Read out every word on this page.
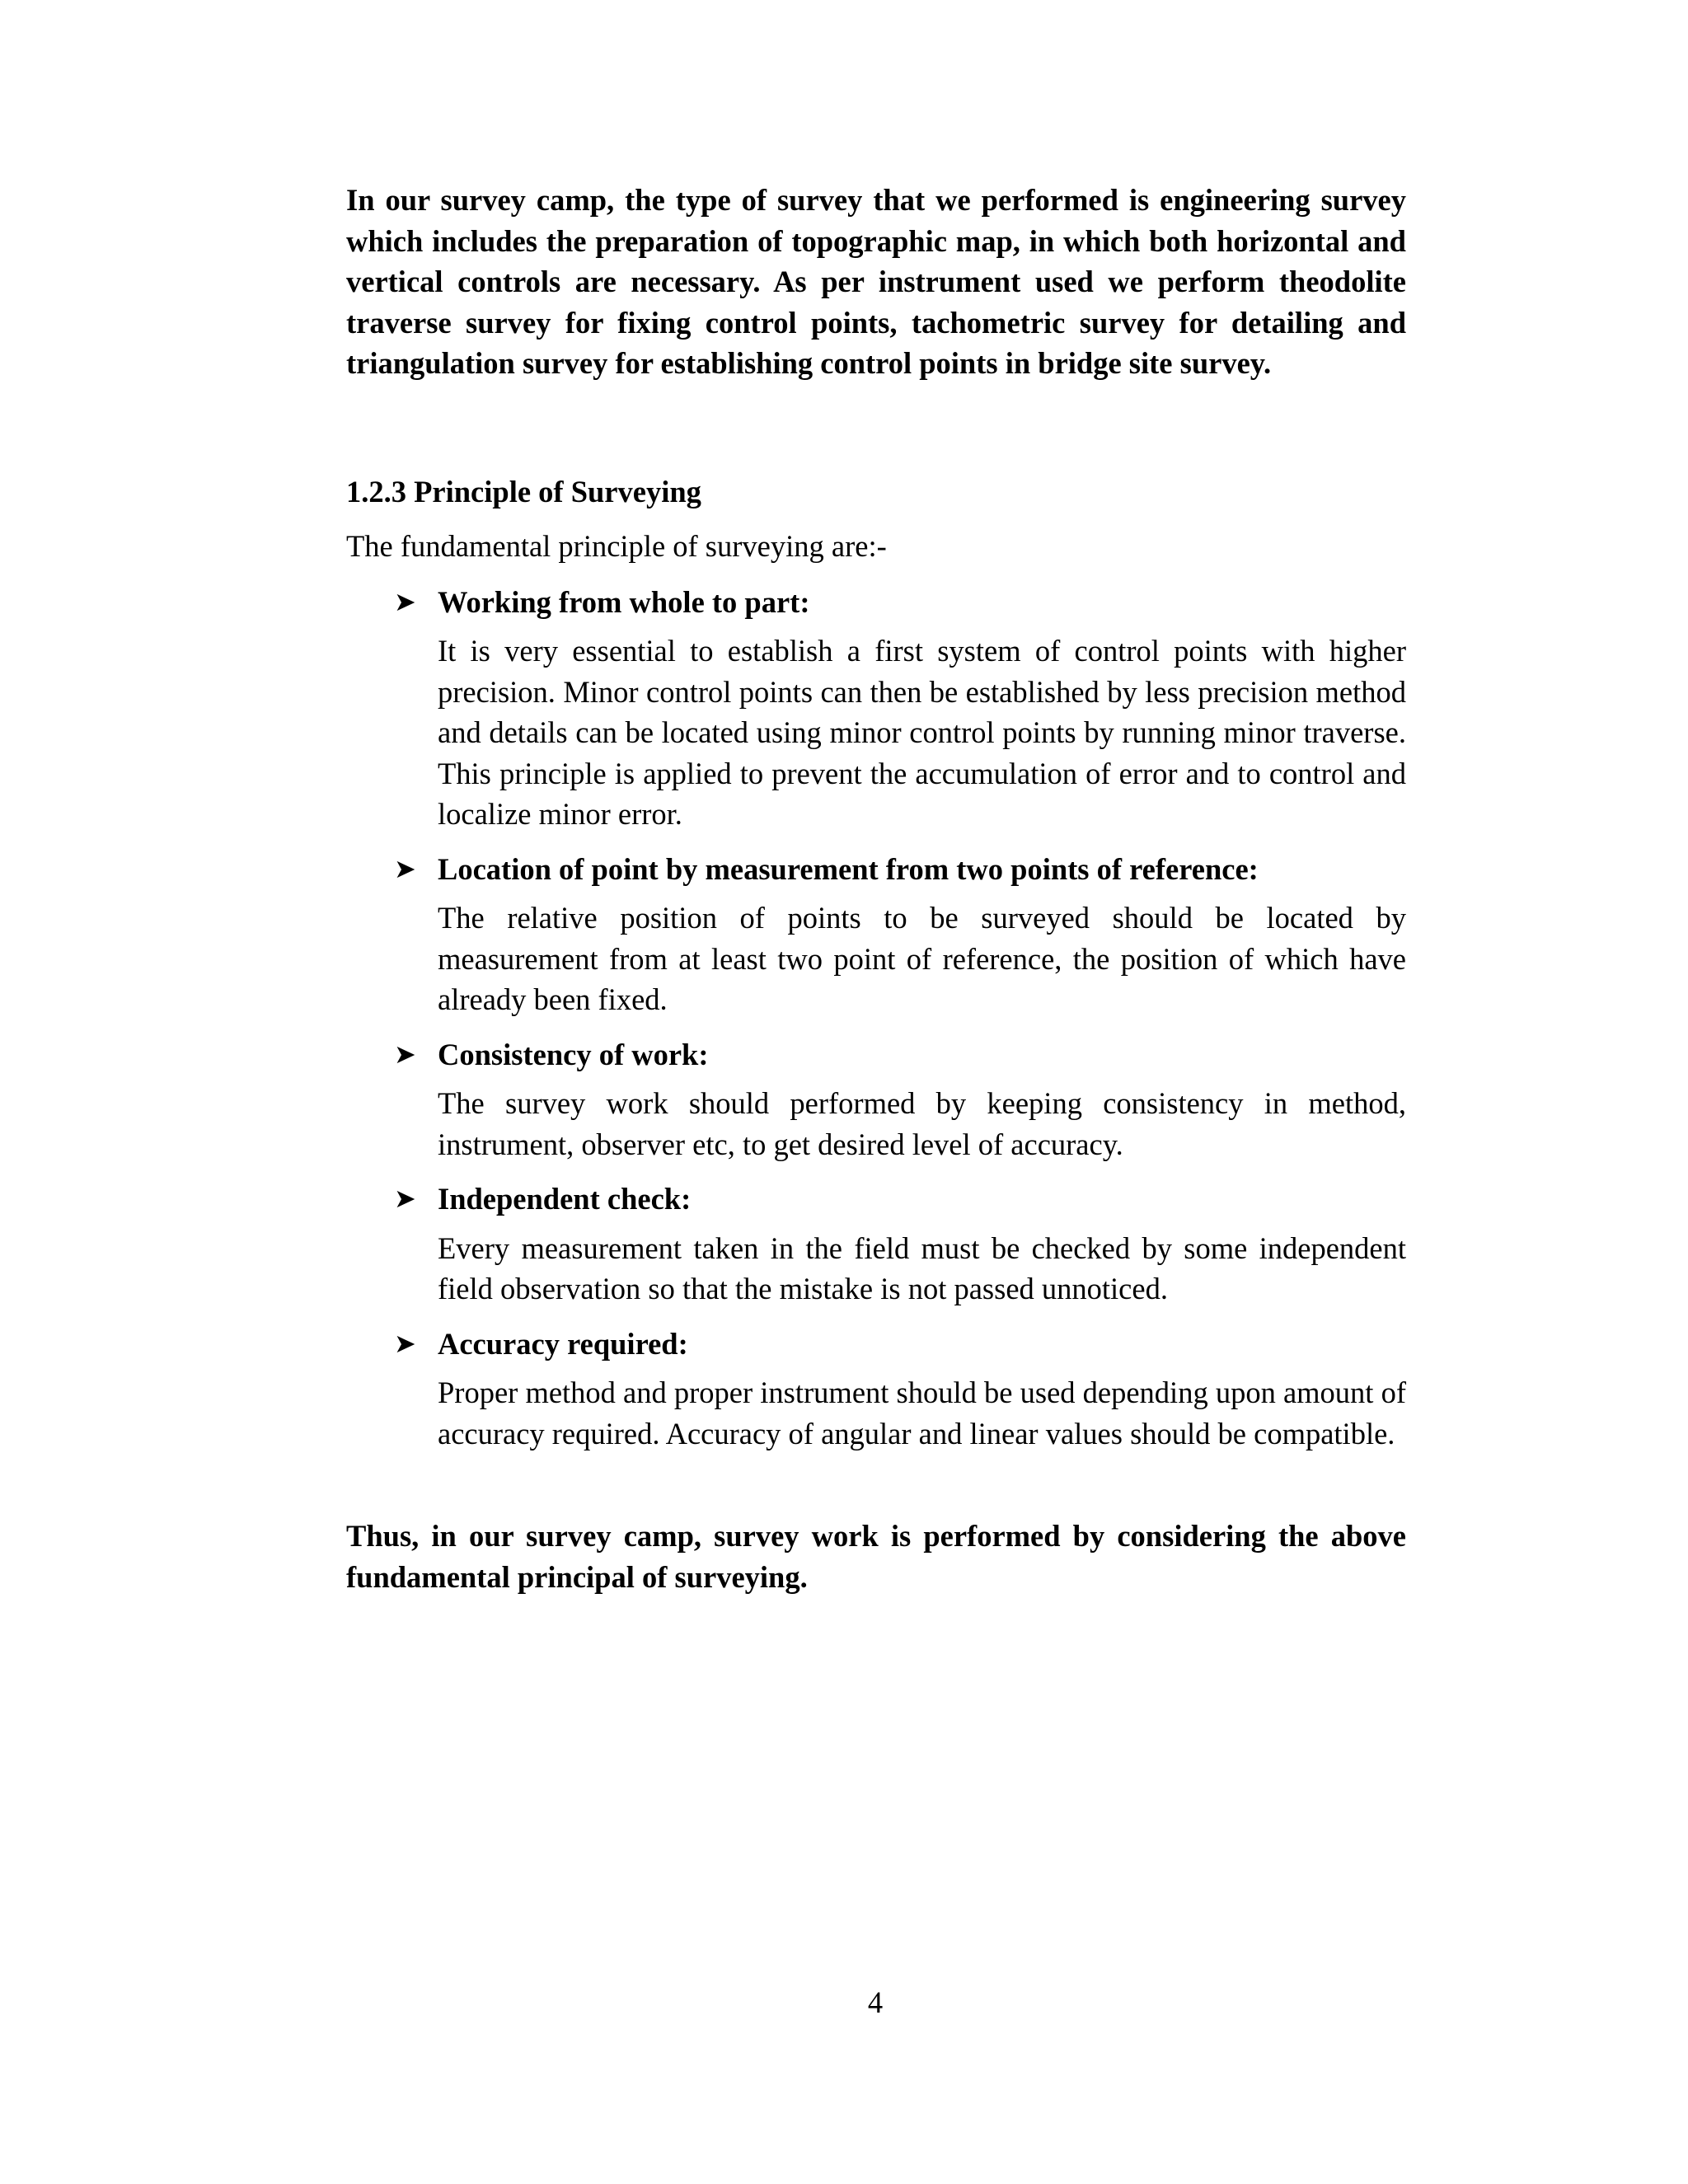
In our survey camp, the type of survey that we performed is engineering survey which includes the preparation of topographic map, in which both horizontal and vertical controls are necessary. As per instrument used we perform theodolite traverse survey for fixing control points, tachometric survey for detailing and triangulation survey for establishing control points in bridge site survey.

1.2.3 Principle of Surveying

The fundamental principle of surveying are:-

➤ Working from whole to part:

It is very essential to establish a first system of control points with higher precision. Minor control points can then be established by less precision method and details can be located using minor control points by running minor traverse. This principle is applied to prevent the accumulation of error and to control and localize minor error.

➤ Location of point by measurement from two points of reference:

The relative position of points to be surveyed should be located by measurement from at least two point of reference, the position of which have already been fixed.

➤ Consistency of work:

The survey work should performed by keeping consistency in method, instrument, observer etc, to get desired level of accuracy.

➤ Independent check:

Every measurement taken in the field must be checked by some independent field observation so that the mistake is not passed unnoticed.

➤ Accuracy required:

Proper method and proper instrument should be used depending upon amount of accuracy required. Accuracy of angular and linear values should be compatible.

Thus, in our survey camp, survey work is performed by considering the above fundamental principal of surveying.

4
